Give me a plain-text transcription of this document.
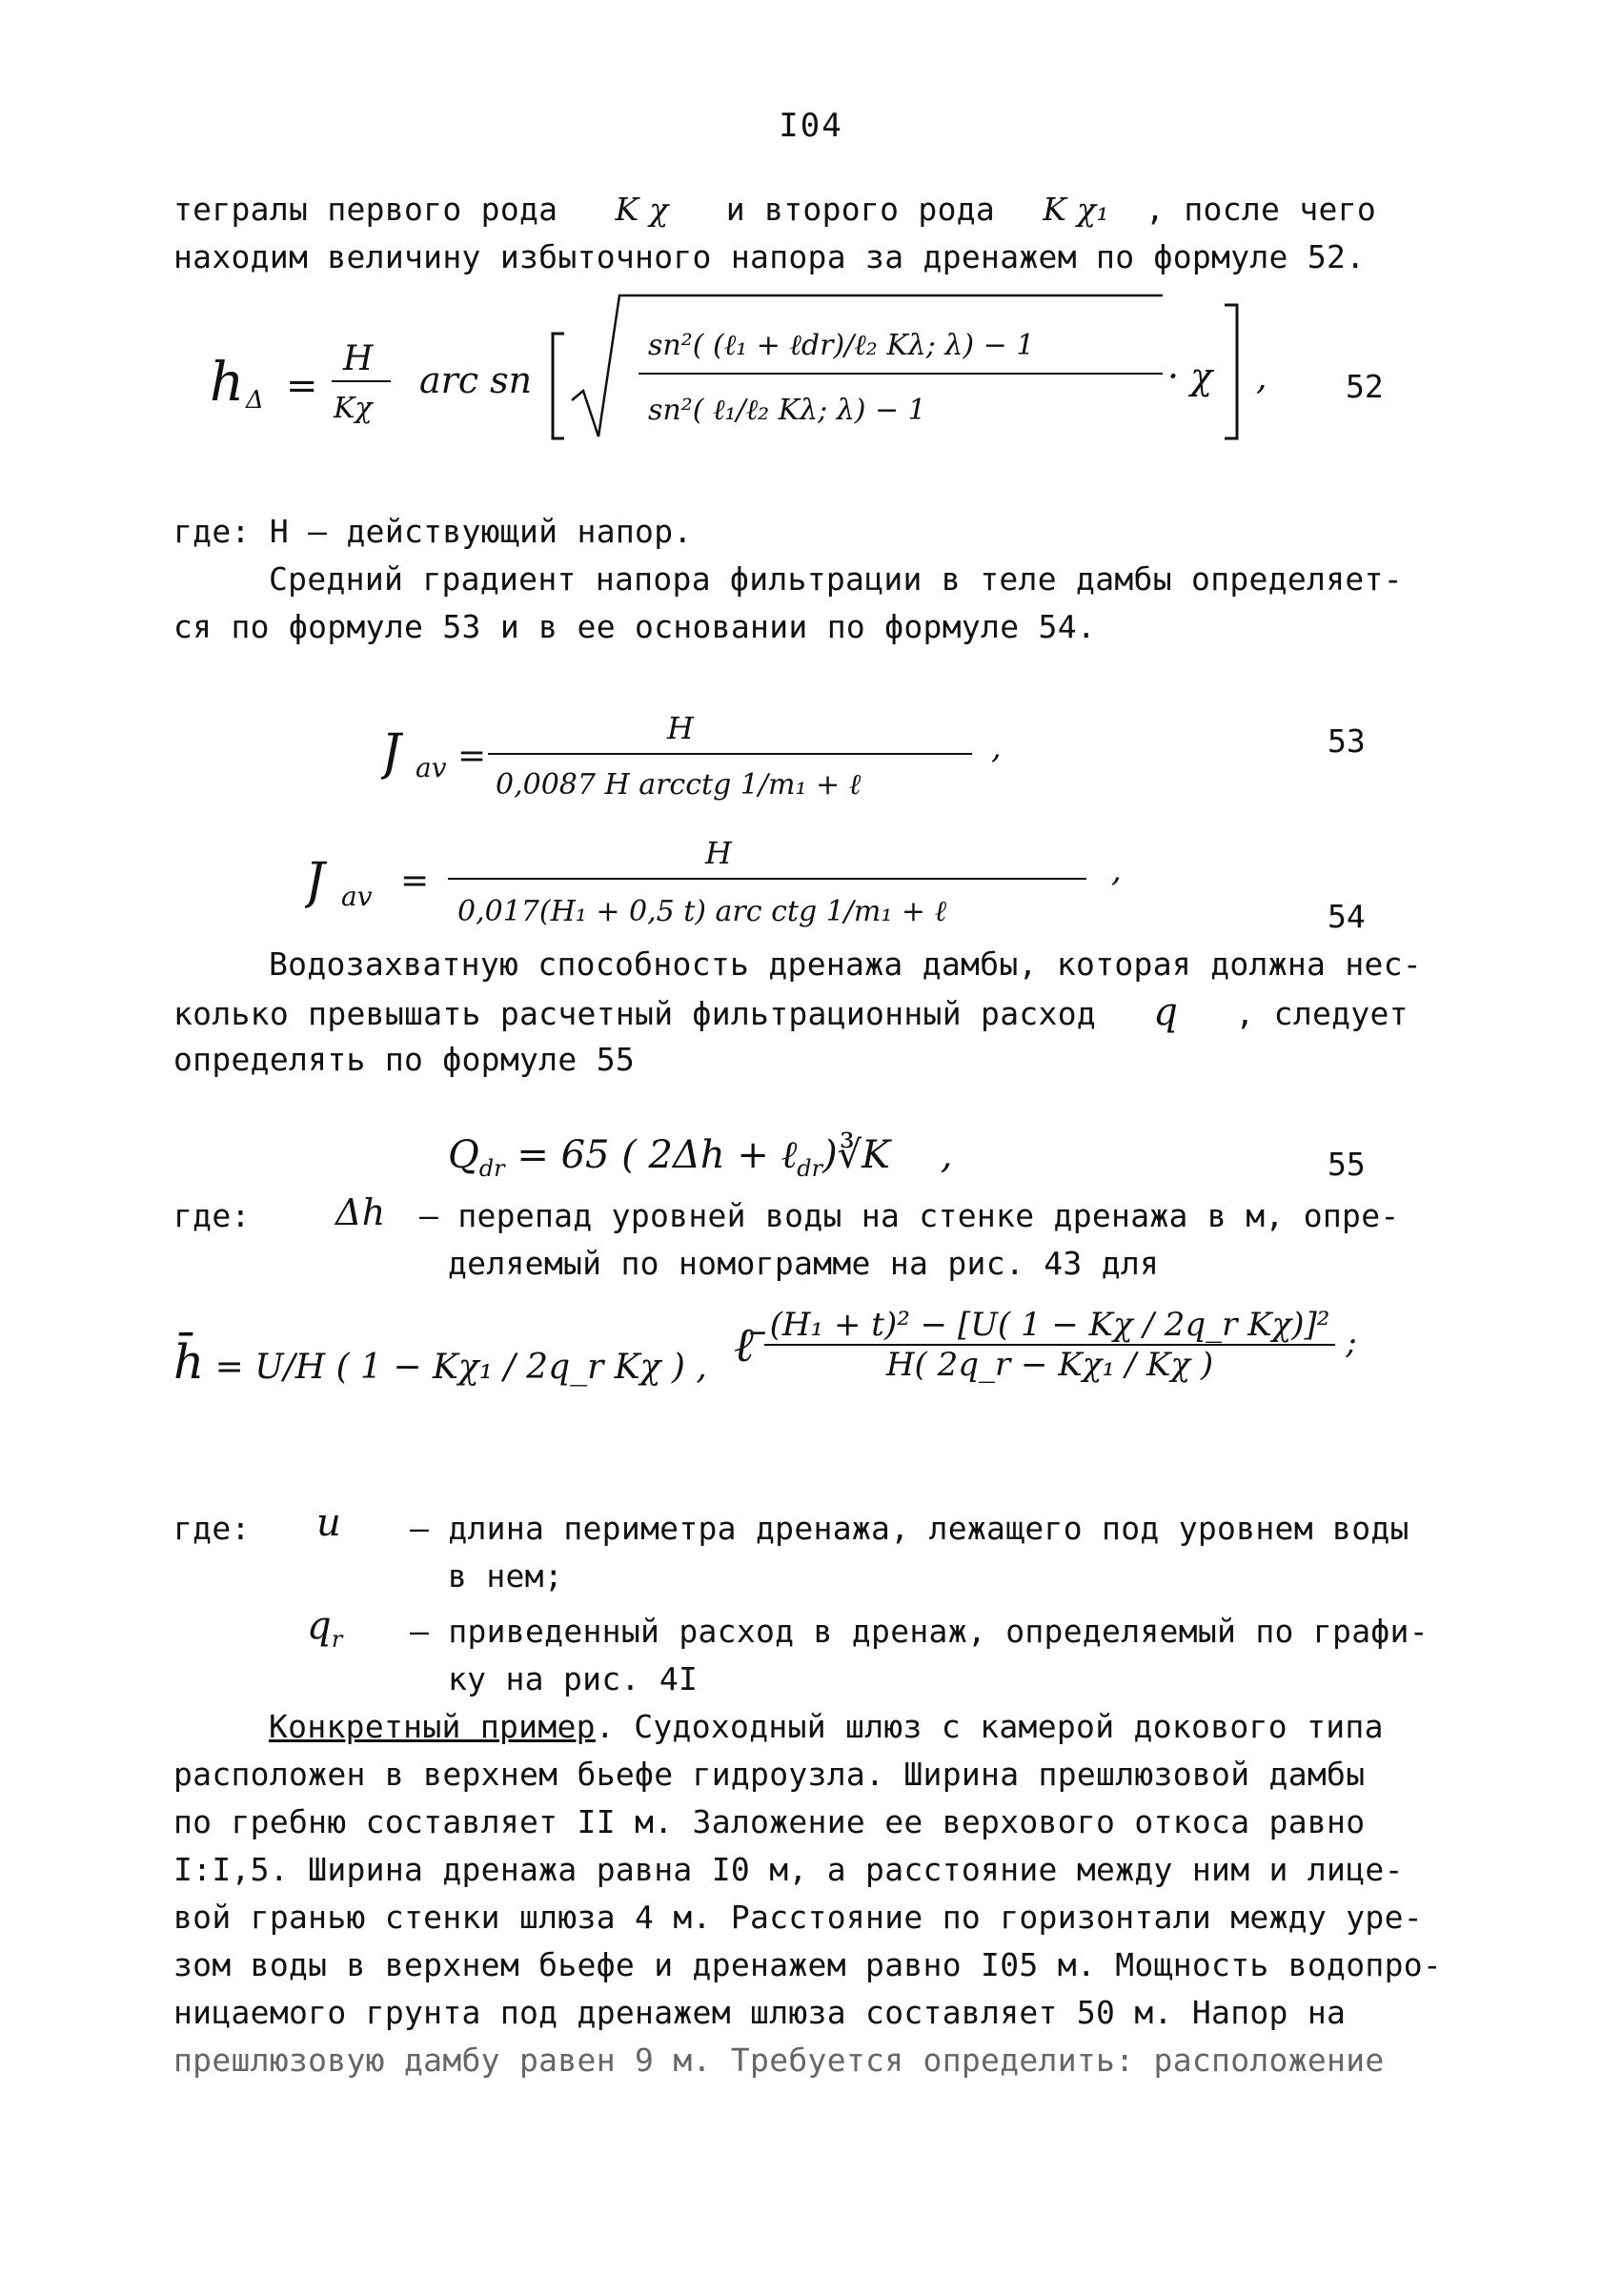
I04
тегралы первого рода K χ и второго рода K χ₁ , после чего
находим величину избыточного напора за дренажем по формуле 52.
h Δ =
H
Kχ
arc sn
sn²( (ℓ₁ + ℓdr)/ℓ₂ Kλ; λ) − 1
sn²( ℓ₁/ℓ₂ Kλ; λ) − 1
· χ ,	52
где: H – действующий напор.
Средний градиент напора фильтрации в теле дамбы определяет-
ся по формуле 53 и в ее основании по формуле 54.
J av =
H
0,0087 H arcctg 1/m₁ + ℓ
,	53
J av =
H
0,017(H₁ + 0,5 t) arc ctg 1/m₁ + ℓ
,
54
Водозахватную способность дренажа дамбы, которая должна нес-
колько превышать расчетный фильтрационный расход q , следует
определять по формуле 55
$Q_{dr} = 65$ ( 2Δh + ℓ$_{dr}$)∛K ,	55
где: Δh – перепад уровней воды на стенке дренажа в м, опре-
деляемый по номограмме на рис. 43 для
h̄ = U/H ( 1 − Kχ₁ / 2q_r Kχ ) , ℓ̄ $\frac{\text{(H₁ + t)² − [U( 1 − Kχ / 2q\_r Kχ)]²}}{\text{H( 2q\_r − Kχ₁ / Kχ )}}$ ;
где: u – длина периметра дренажа, лежащего под уровнем воды
в нем;
$q_r$ – приведенный расход в дренаж, определяемый по графи-
ку на рис. 4I
Конкретный пример. Судоходный шлюз с камерой докового типа
расположен в верхнем бьефе гидроузла. Ширина прешлюзовой дамбы
по гребню составляет II м. Заложение ее верхового откоса равно
I:I,5. Ширина дренажа равна I0 м, а расстояние между ним и лице-
вой гранью стенки шлюза 4 м. Расстояние по горизонтали между уре-
зом воды в верхнем бьефе и дренажем равно I05 м. Мощность водопро-
ницаемого грунта под дренажем шлюза составляет 50 м. Напор на
прешлюзовую дамбу равен 9 м. Требуется определить: расположение
